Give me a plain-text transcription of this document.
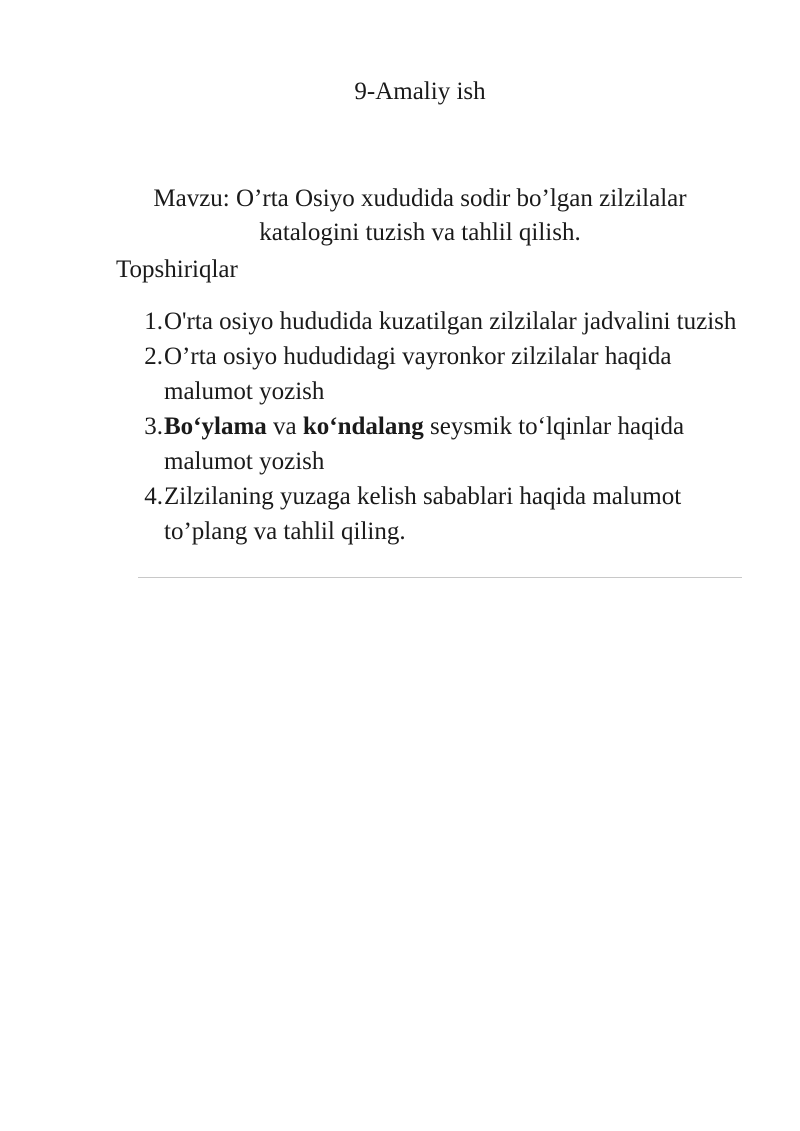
9-Amaliy ish
Mavzu: O’rta Osiyo xududida sodir bo’lgan zilzilalar
katalogini tuzish va tahlil qilish.
Topshiriqlar
1. O'rta osiyo hududida kuzatilgan zilzilalar jadvalini tuzish
2. O’rta osiyo hududidagi vayronkor zilzilalar haqida malumot yozish
3. Bo‘ylama va ko‘ndalang seysmik to‘lqinlar haqida malumot yozish
4. Zilzilaning yuzaga kelish sabablari haqida malumot to’plang va tahlil qiling.
